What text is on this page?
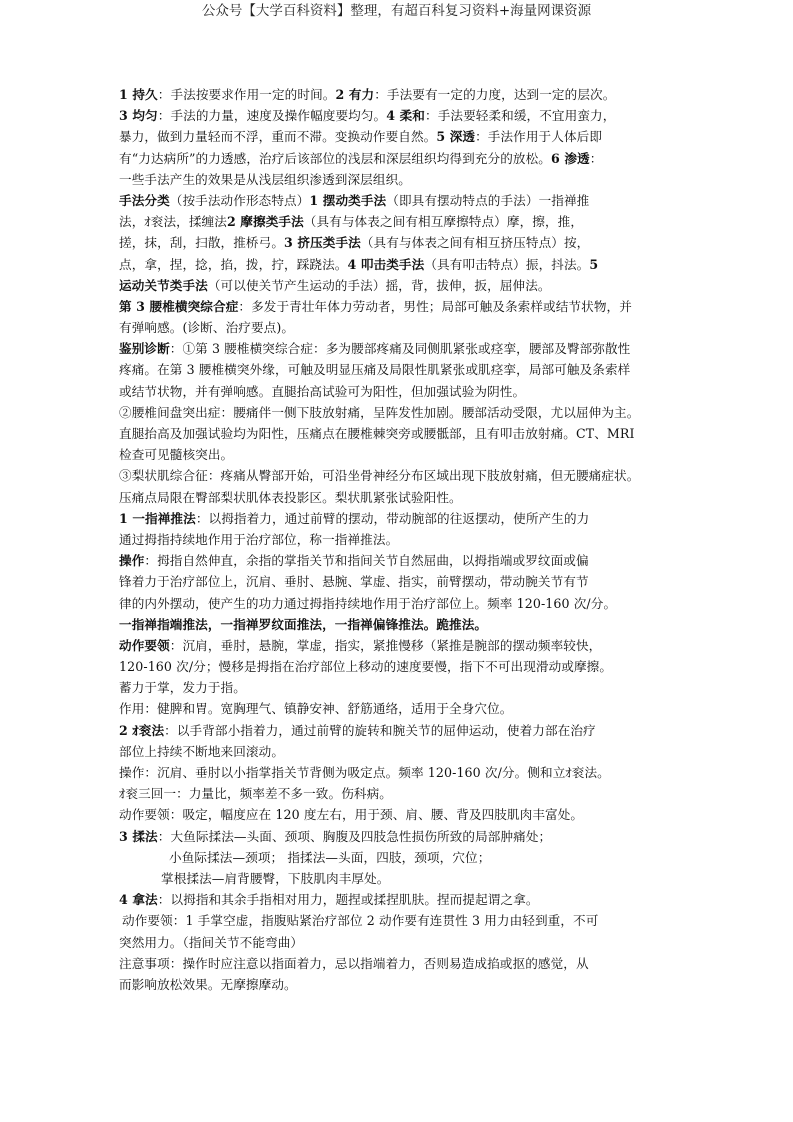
公众号【大学百科资料】整理，有超百科复习资料+海量网课资源
1 持久：手法按要求作用一定的时间。2 有力：手法要有一定的力度，达到一定的层次。
3 均匀：手法的力量，速度及操作幅度要均匀。4 柔和：手法要轻柔和缓，不宜用蛮力，
暴力，做到力量轻而不浮，重而不滞。变换动作要自然。5 深透：手法作用于人体后即
有“力达病所”的力透感，治疗后该部位的浅层和深层组织均得到充分的放松。6 渗透：
一些手法产生的效果是从浅层组织渗透到深层组织。
手法分类（按手法动作形态特点）1 摆动类手法（即具有摆动特点的手法）一指禅推
法，ｵ衮法，揉缠法2 摩擦类手法（具有与体表之间有相互摩擦特点）摩，擦，推，
搓，抹，刮，扫散，推桥弓。3 挤压类手法（具有与体表之间有相互挤压特点）按，
点，拿，捏，捻，掐，拨，拧，踩跷法。4 叩击类手法（具有叩击特点）振，抖法。5
运动关节类手法（可以使关节产生运动的手法）摇，背，拔伸，扳，屈伸法。
第 3 腰椎横突综合症：多发于青壮年体力劳动者，男性；局部可触及条索样或结节状物，并
有弹响感。(诊断、治疗要点)。
鉴别诊断：①第 3 腰椎横突综合症：多为腰部疼痛及同侧肌紧张或痉挛，腰部及臀部弥散性
疼痛。在第 3 腰椎横突外缘，可触及明显压痛及局限性肌紧张或肌痉挛，局部可触及条索样
或结节状物，并有弹响感。直腿抬高试验可为阳性，但加强试验为阴性。
②腰椎间盘突出症：腰痛伴一侧下肢放射痛，呈阵发性加剧。腰部活动受限，尤以屈伸为主。
直腿抬高及加强试验均为阳性，压痛点在腰椎棘突旁或腰骶部，且有叩击放射痛。CT、MRI
检查可见髓核突出。
③梨状肌综合征：疼痛从臀部开始，可沿坐骨神经分布区域出现下肢放射痛，但无腰痛症状。
压痛点局限在臀部梨状肌体表投影区。梨状肌紧张试验阳性。
1 一指禅推法：以拇指着力，通过前臂的摆动，带动腕部的往返摆动，使所产生的力
通过拇指持续地作用于治疗部位，称一指禅推法。
操作：拇指自然伸直，余指的掌指关节和指间关节自然屈曲，以拇指端或罗纹面或偏
锋着力于治疗部位上，沉肩、垂肘、悬腕、掌虚、指实，前臂摆动，带动腕关节有节
律的内外摆动，使产生的功力通过拇指持续地作用于治疗部位上。频率 120-160 次/分。
一指禅指端推法，一指禅罗纹面推法，一指禅偏锋推法。跪推法。
动作要领：沉肩，垂肘，悬腕，掌虚，指实，紧推慢移（紧推是腕部的摆动频率较快，
120-160 次/分；慢移是拇指在治疗部位上移动的速度要慢，指下不可出现滑动或摩擦。
蓄力于掌，发力于指。
作用：健脾和胃。宽胸理气、镇静安神、舒筋通络，适用于全身穴位。
2 ｵ衮法：以手背部小指着力，通过前臂的旋转和腕关节的屈伸运动，使着力部在治疗
部位上持续不断地来回滚动。
操作：沉肩、垂肘以小指掌指关节背侧为吸定点。频率 120-160 次/分。侧和立ｵ衮法。
ｵ衮三回一：力量比，频率差不多一致。伤科病。
动作要领：吸定，幅度应在 120 度左右，用于颈、肩、腰、背及四肢肌肉丰富处。
3 揉法：大鱼际揉法—头面、颈项、胸腹及四肢急性损伤所致的局部肿痛处；
小鱼际揉法—颈项； 指揉法—头面，四肢，颈项，穴位；
掌根揉法—肩背腰臀，下肢肌肉丰厚处。
4 拿法：以拇指和其余手指相对用力，题捏或揉捏肌肤。捏而提起谓之拿。
动作要领：1 手掌空虚，指腹贴紧治疗部位 2 动作要有连贯性 3 用力由轻到重，不可
突然用力。（指间关节不能弯曲）
注意事项：操作时应注意以指面着力，忌以指端着力，否则易造成掐或抠的感觉，从
而影响放松效果。无摩擦摩动。
